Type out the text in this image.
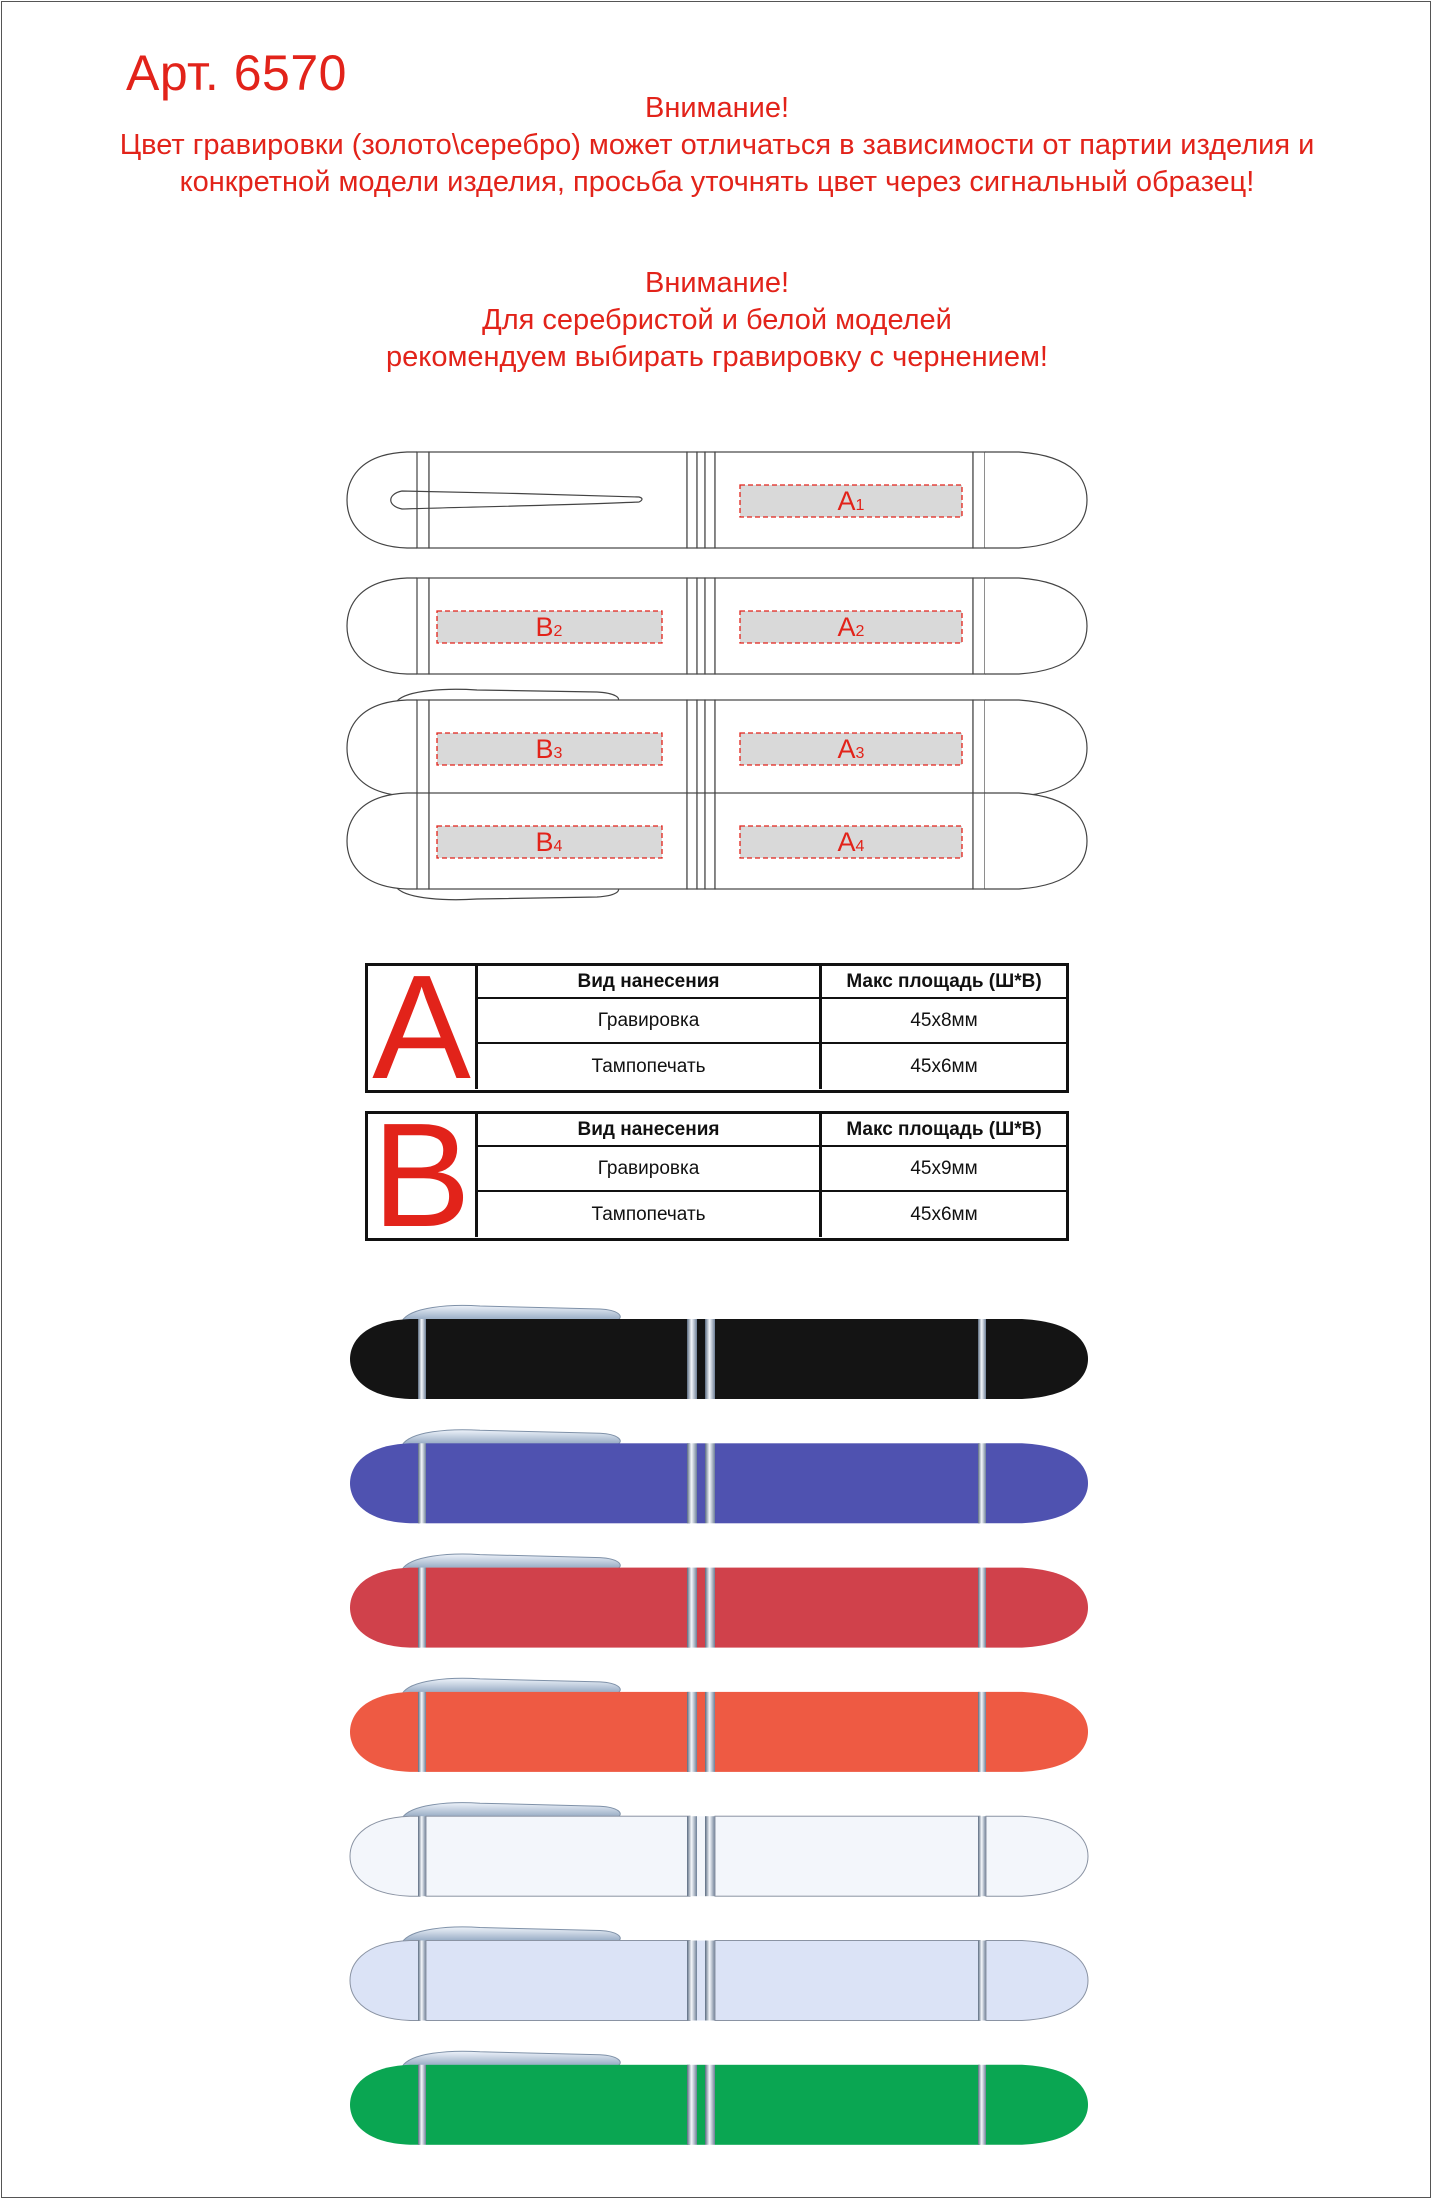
Арт. 6570
Внимание!
Цвет гравировки (золото\серебро) может отличаться в зависимости от партии изделия и
конкретной модели изделия, просьба уточнять цвет через сигнальный образец!
Внимание!
Для серебристой и белой моделей
рекомендуем выбирать гравировку с чернением!
A1
A2
B2
A3
B3
A4
B4
A	Вид нанесения	Макс площадь (Ш*В)
Гравировка	45x8мм
Тампопечать	45x6мм
B	Вид нанесения	Макс площадь (Ш*В)
Гравировка	45x9мм
Тампопечать	45x6мм
